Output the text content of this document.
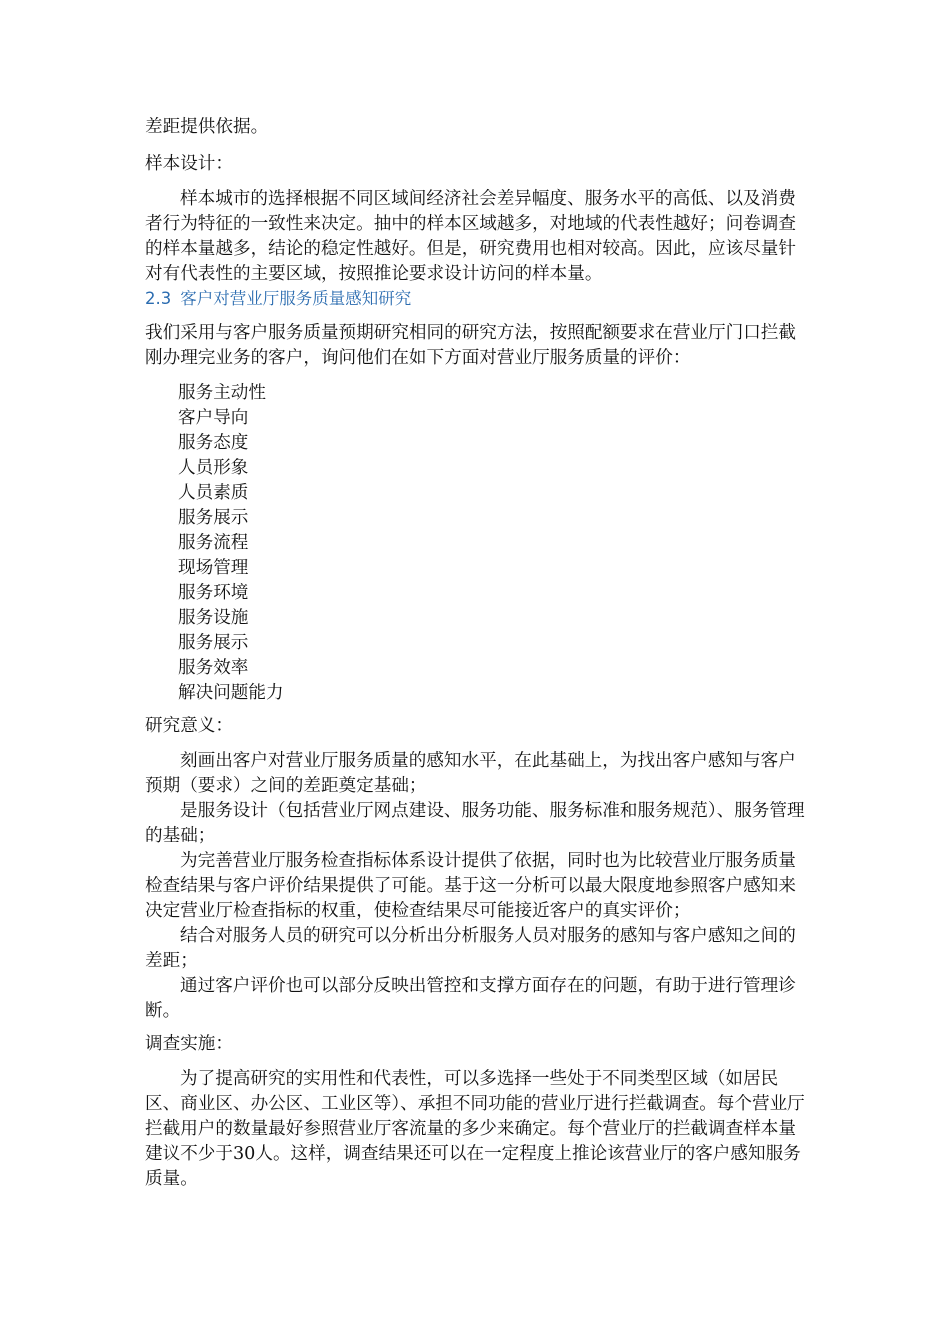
差距提供依据。

样本设计：

样本城市的选择根据不同区域间经济社会差异幅度、服务水平的高低、以及消费者行为特征的一致性来决定。抽中的样本区域越多，对地域的代表性越好；问卷调查的样本量越多，结论的稳定性越好。但是，研究费用也相对较高。因此，应该尽量针对有代表性的主要区域，按照推论要求设计访问的样本量。

2.3 客户对营业厅服务质量感知研究

我们采用与客户服务质量预期研究相同的研究方法，按照配额要求在营业厅门口拦截刚办理完业务的客户，询问他们在如下方面对营业厅服务质量的评价：

服务主动性

客户导向

服务态度

人员形象

人员素质

服务展示

服务流程

现场管理

服务环境

服务设施

服务展示

服务效率

解决问题能力

研究意义：

刻画出客户对营业厅服务质量的感知水平，在此基础上，为找出客户感知与客户预期（要求）之间的差距奠定基础；

是服务设计（包括营业厅网点建设、服务功能、服务标准和服务规范）、服务管理的基础；

为完善营业厅服务检查指标体系设计提供了依据，同时也为比较营业厅服务质量检查结果与客户评价结果提供了可能。基于这一分析可以最大限度地参照客户感知来决定营业厅检查指标的权重，使检查结果尽可能接近客户的真实评价；

结合对服务人员的研究可以分析出分析服务人员对服务的感知与客户感知之间的差距；

通过客户评价也可以部分反映出管控和支撑方面存在的问题，有助于进行管理诊断。

调查实施：

为了提高研究的实用性和代表性，可以多选择一些处于不同类型区域（如居民区、商业区、办公区、工业区等）、承担不同功能的营业厅进行拦截调查。每个营业厅拦截用户的数量最好参照营业厅客流量的多少来确定。每个营业厅的拦截调查样本量建议不少于30人。这样，调查结果还可以在一定程度上推论该营业厅的客户感知服务质量。
